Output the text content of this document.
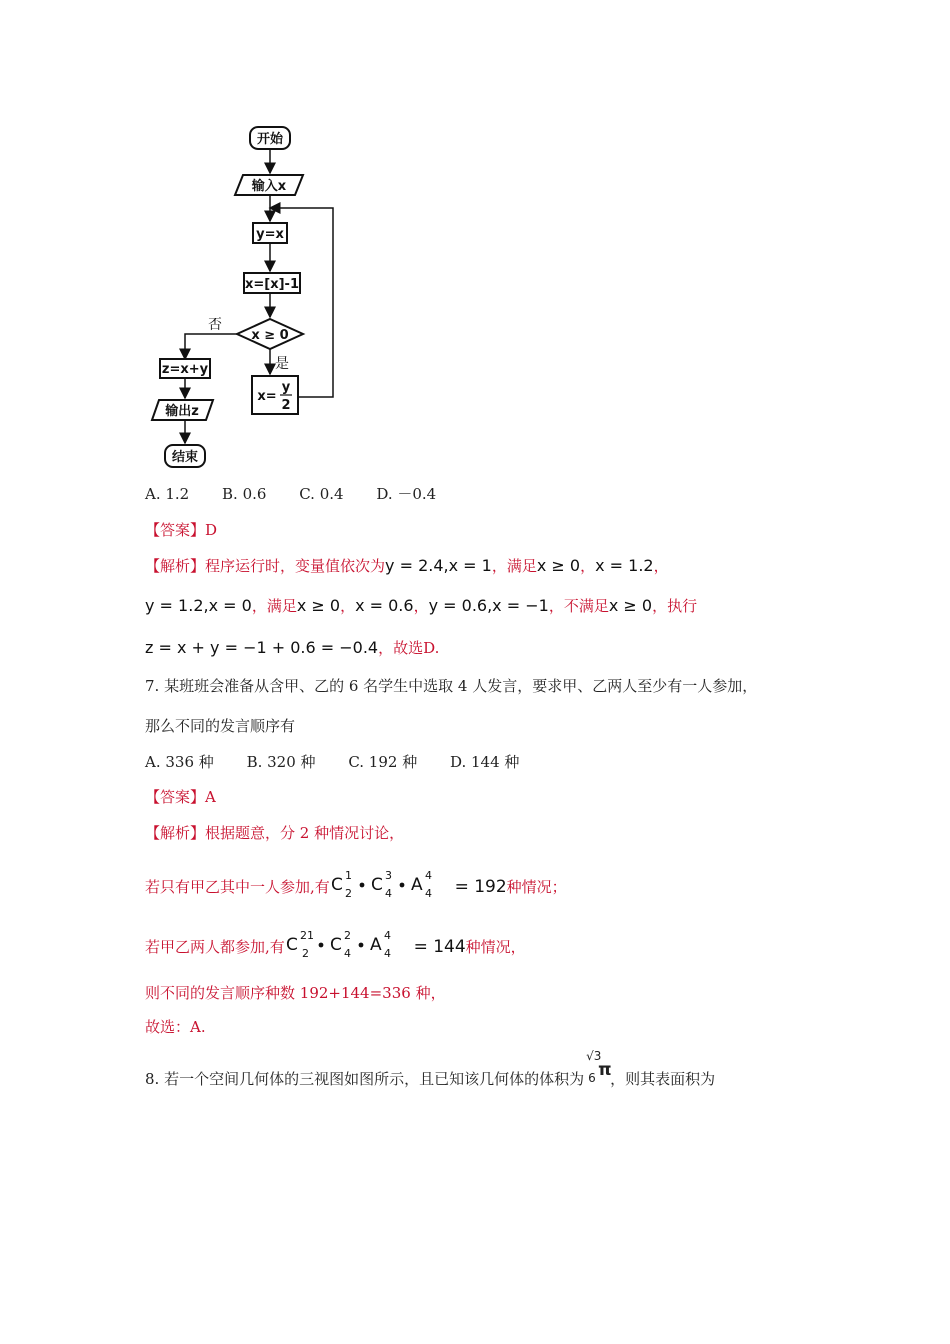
开始
输入x
y=x
x=[x]-1
x ≥ 0
否
是
x=
y
2
z=x+y
输出z
结束
A. 1.2 B. 0.6 C. 0.4 D. －0.4
【答案】D
【解析】程序运行时，变量值依次为y = 2.4,x = 1，满足x ≥ 0，x = 1.2，
y = 1.2,x = 0，满足x ≥ 0，x = 0.6，y = 0.6,x = −1，不满足x ≥ 0，执行
z = x + y = −1 + 0.6 = −0.4，故选D.
7. 某班班会准备从含甲、乙的 6 名学生中选取 4 人发言，要求甲、乙两人至少有一人参加，
那么不同的发言顺序有
A. 336 种 B. 320 种 C. 192 种 D. 144 种
【答案】A
【解析】根据题意，分 2 种情况讨论，
若只有甲乙其中一人参加,有 C 1
2 C 3
4 A 4
4 = 192种情况；
若甲乙两人都参加,有 C 21
2 C 2
4 A 4
4 = 144种情况，
则不同的发言顺序种数 192+144=336 种，
故选：A.
8. 若一个空间几何体的三视图如图所示，且已知该几何体的体积为
√3
6 π
，则其表面积为
